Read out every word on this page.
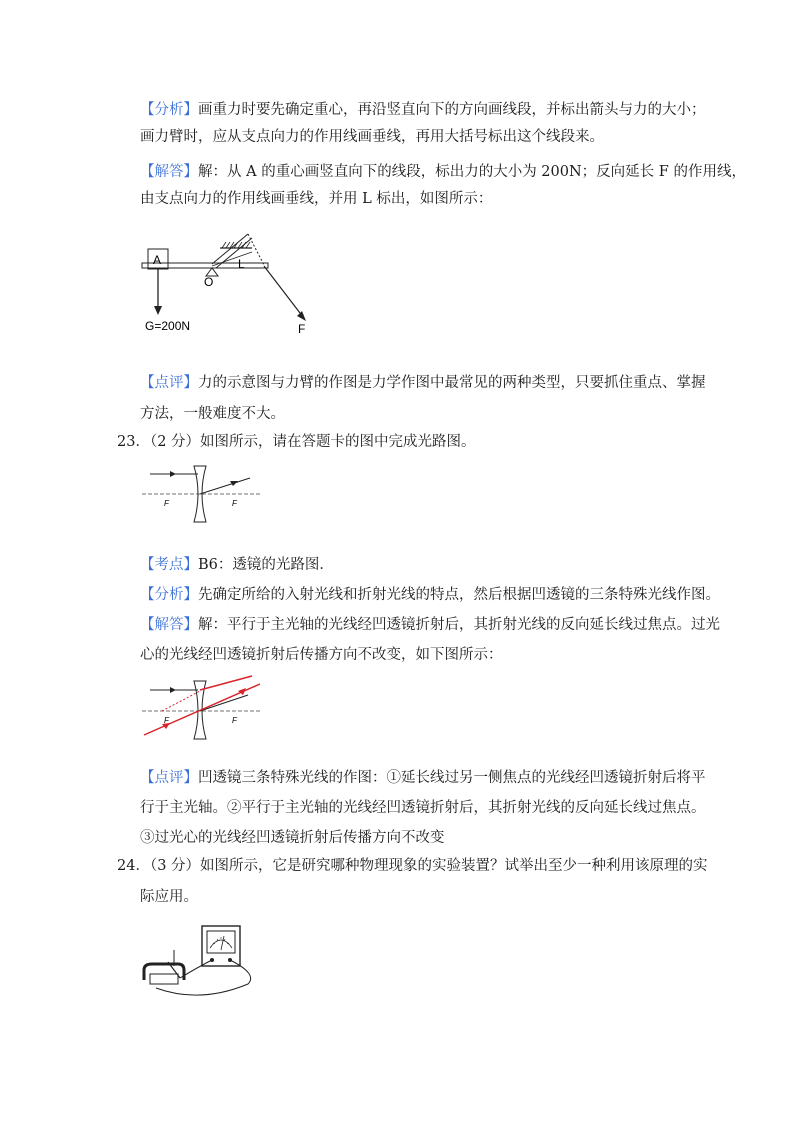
【分析】画重力时要先确定重心，再沿竖直向下的方向画线段，并标出箭头与力的大小；
画力臂时，应从支点向力的作用线画垂线，再用大括号标出这个线段来。
【解答】解：从 A 的重心画竖直向下的线段，标出力的大小为 200N；反向延长 F 的作用线，
由支点向力的作用线画垂线，并用 L 标出，如图所示：
A
G=200N
O
L
F
【点评】力的示意图与力臂的作图是力学作图中最常见的两种类型，只要抓住重点、掌握
方法，一般难度不大。
23．（2 分）如图所示，请在答题卡的图中完成光路图。
F	F
【考点】B6：透镜的光路图．
【分析】先确定所给的入射光线和折射光线的特点，然后根据凹透镜的三条特殊光线作图。
【解答】解：平行于主光轴的光线经凹透镜折射后，其折射光线的反向延长线过焦点。过光
心的光线经凹透镜折射后传播方向不改变，如下图所示：
F	F
【点评】凹透镜三条特殊光线的作图：①延长线过另一侧焦点的光线经凹透镜折射后将平
行于主光轴。②平行于主光轴的光线经凹透镜折射后，其折射光线的反向延长线过焦点。
③过光心的光线经凹透镜折射后传播方向不改变
24．（3 分）如图所示，它是研究哪种物理现象的实验装置？试举出至少一种利用该原理的实
际应用。
